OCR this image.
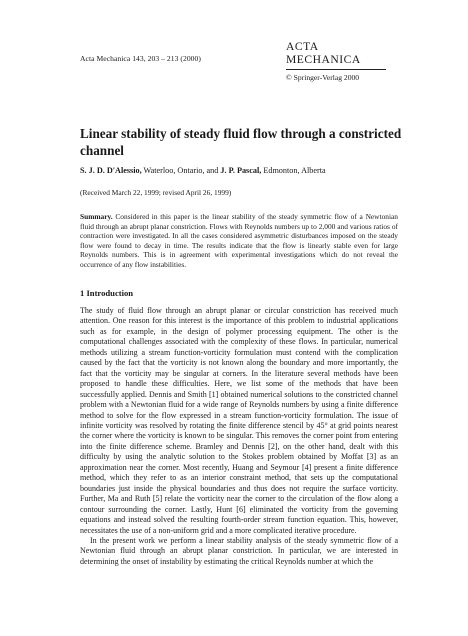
Acta Mechanica 143, 203 – 213 (2000)
ACTA MECHANICA
© Springer-Verlag 2000
Linear stability of steady fluid flow through a constricted channel
S. J. D. D'Alessio, Waterloo, Ontario, and J. P. Pascal, Edmonton, Alberta
(Received March 22, 1999; revised April 26, 1999)
Summary. Considered in this paper is the linear stability of the steady symmetric flow of a Newtonian fluid through an abrupt planar constriction. Flows with Reynolds numbers up to 2,000 and various ratios of contraction were investigated. In all the cases considered asymmetric disturbances imposed on the steady flow were found to decay in time. The results indicate that the flow is linearly stable even for large Reynolds numbers. This is in agreement with experimental investigations which do not reveal the occurrence of any flow instabilities.
1 Introduction

The study of fluid flow through an abrupt planar or circular constriction has received much attention. One reason for this interest is the importance of this problem to industrial applications such as for example, in the design of polymer processing equipment. The other is the computational challenges associated with the complexity of these flows. In particular, numerical methods utilizing a stream function-vorticity formulation must contend with the complication caused by the fact that the vorticity is not known along the boundary and more importantly, the fact that the vorticity may be singular at corners. In the literature several methods have been proposed to handle these difficulties. Here, we list some of the methods that have been successfully applied. Dennis and Smith [1] obtained numerical solutions to the constricted channel problem with a Newtonian fluid for a wide range of Reynolds numbers by using a finite difference method to solve for the flow expressed in a stream function-vorticity formulation. The issue of infinite vorticity was resolved by rotating the finite difference stencil by 45° at grid points nearest the corner where the vorticity is known to be singular. This removes the corner point from entering into the finite difference scheme. Bramley and Dennis [2], on the other hand, dealt with this difficulty by using the analytic solution to the Stokes problem obtained by Moffat [3] as an approximation near the corner. Most recently, Huang and Seymour [4] present a finite difference method, which they refer to as an interior constraint method, that sets up the computational boundaries just inside the physical boundaries and thus does not require the surface vorticity. Further, Ma and Ruth [5] relate the vorticity near the corner to the circulation of the flow along a contour surrounding the corner. Lastly, Hunt [6] eliminated the vorticity from the governing equations and instead solved the resulting fourth-order stream function equation. This, however, necessitates the use of a non-uniform grid and a more complicated iterative procedure.

In the present work we perform a linear stability analysis of the steady symmetric flow of a Newtonian fluid through an abrupt planar constriction. In particular, we are interested in determining the onset of instability by estimating the critical Reynolds number at which the
